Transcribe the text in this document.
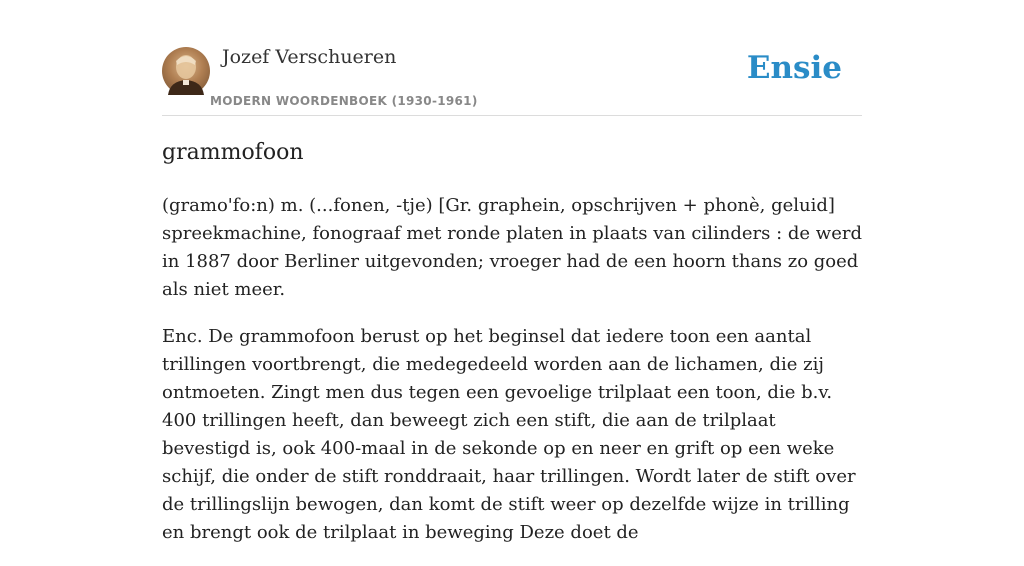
Jozef Verschueren
MODERN WOORDENBOEK (1930-1961)
Ensie
grammofoon

(gramo'fo:n) m. (...fonen, -tje) [Gr. graphein, opschrijven + phonè, geluid] spreekmachine, fonograaf met ronde platen in plaats van cilinders : de werd in 1887 door Berliner uitgevonden; vroeger had de een hoorn thans zo goed als niet meer.

Enc. De grammofoon berust op het beginsel dat iedere toon een aantal trillingen voortbrengt, die medegedeeld worden aan de lichamen, die zij ontmoeten. Zingt men dus tegen een gevoelige trilplaat een toon, die b.v. 400 trillingen heeft, dan beweegt zich een stift, die aan de trilplaat bevestigd is, ook 400-maal in de sekonde op en neer en grift op een weke schijf, die onder de stift ronddraait, haar trillingen. Wordt later de stift over de trillingslijn bewogen, dan komt de stift weer op dezelfde wijze in trilling en brengt ook de trilplaat in beweging Deze doet de
